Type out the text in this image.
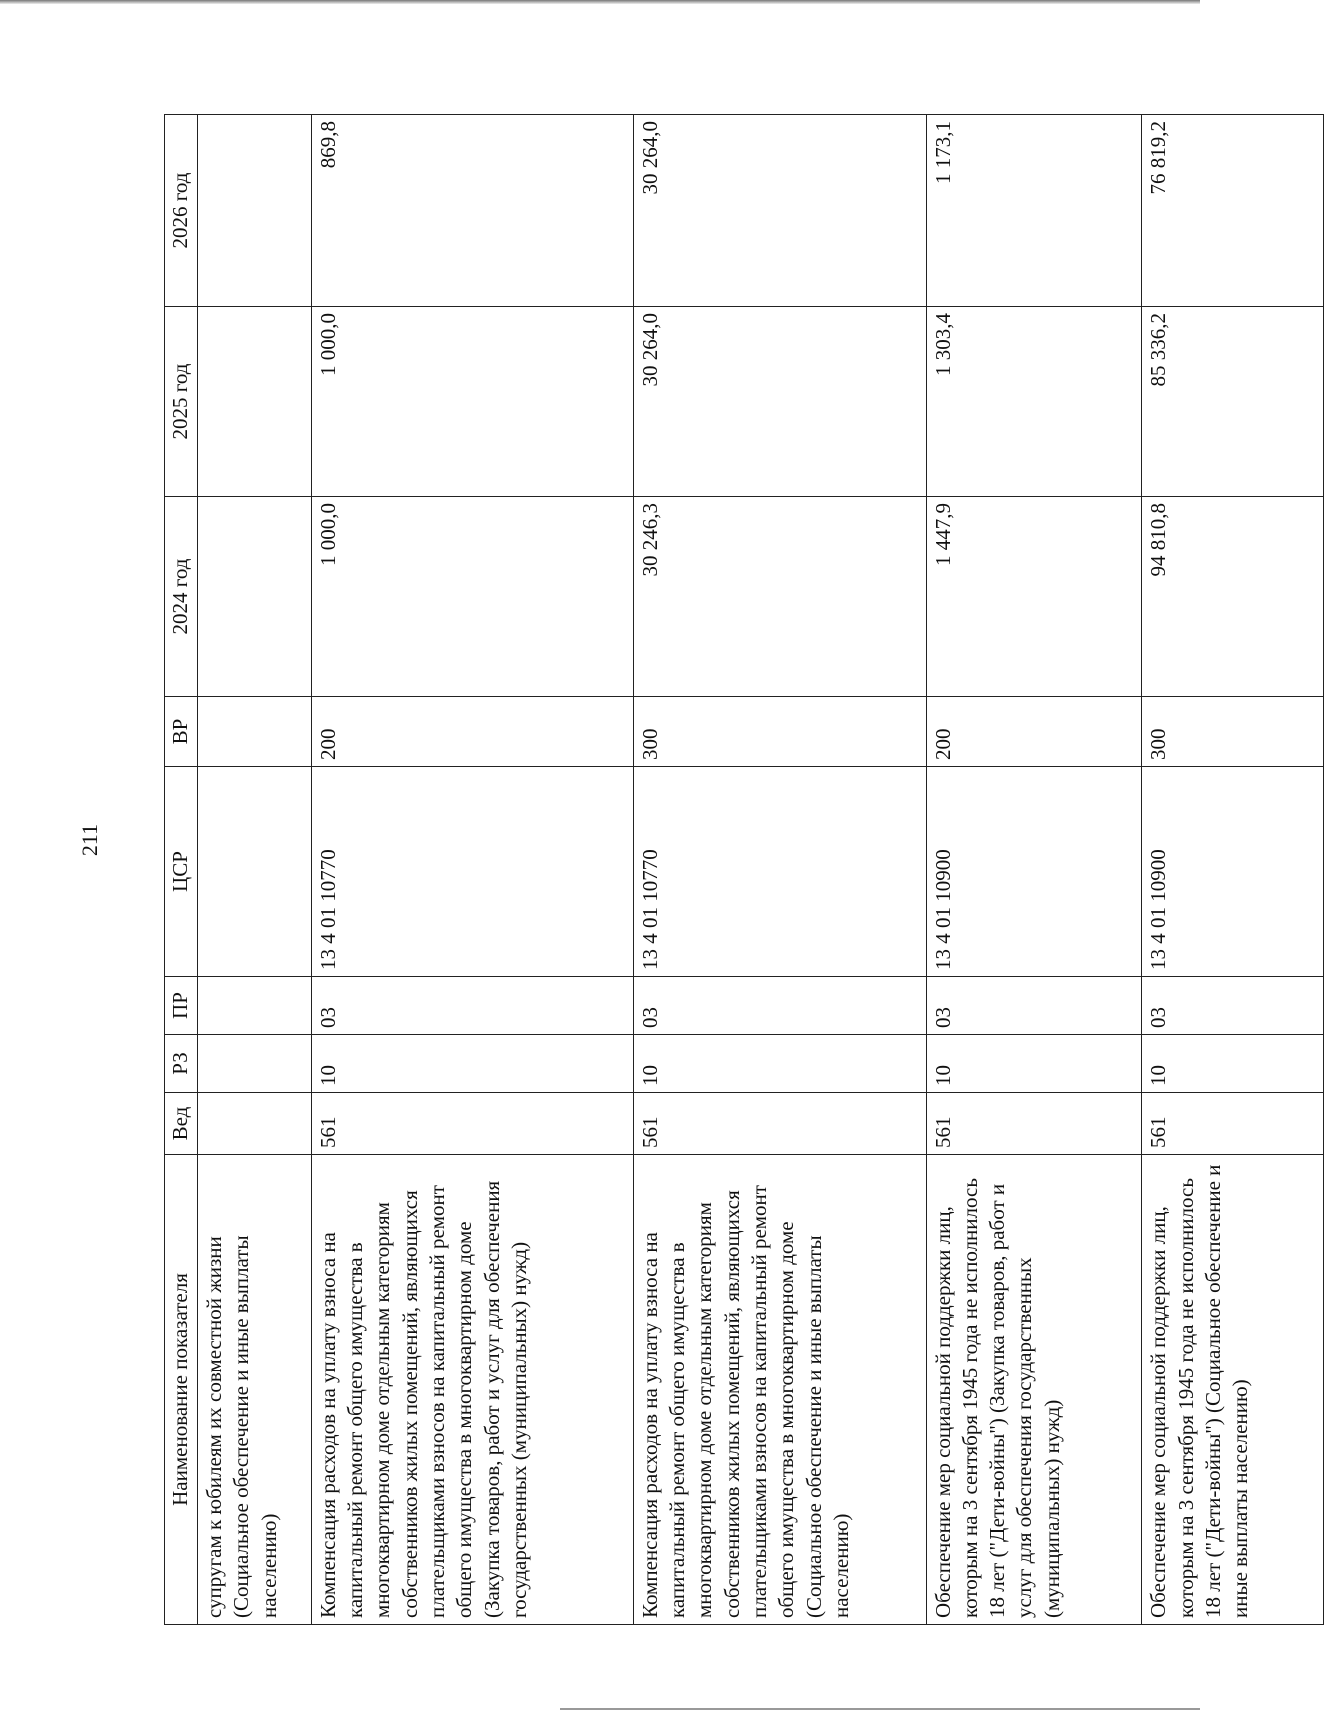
211
Наименование показателя	Вед	РЗ	ПР	ЦСР	ВР	2024 год	2025 год	2026 год
супругам к юбилеям их совместной жизни (Социальное обеспечение и иные выплаты населению)								
Компенсация расходов на уплату взноса на капитальный ремонт общего имущества в многоквартирном доме отдельным категориям собственников жилых помещений, являющихся плательщиками взносов на капитальный ремонт общего имущества в многоквартирном доме (Закупка товаров, работ и услуг для обеспечения государственных (муниципальных) нужд)	561	10	03	13 4 01 10770	200	1 000,0	1 000,0	869,8
Компенсация расходов на уплату взноса на капитальный ремонт общего имущества в многоквартирном доме отдельным категориям собственников жилых помещений, являющихся плательщиками взносов на капитальный ремонт общего имущества в многоквартирном доме (Социальное обеспечение и иные выплаты населению)	561	10	03	13 4 01 10770	300	30 246,3	30 264,0	30 264,0
Обеспечение мер социальной поддержки лиц, которым на 3 сентября 1945 года не исполнилось 18 лет ("Дети-войны") (Закупка товаров, работ и услуг для обеспечения государственных (муниципальных) нужд)	561	10	03	13 4 01 10900	200	1 447,9	1 303,4	1 173,1
Обеспечение мер социальной поддержки лиц, которым на 3 сентября 1945 года не исполнилось 18 лет ("Дети-войны") (Социальное обеспечение и иные выплаты населению)	561	10	03	13 4 01 10900	300	94 810,8	85 336,2	76 819,2
